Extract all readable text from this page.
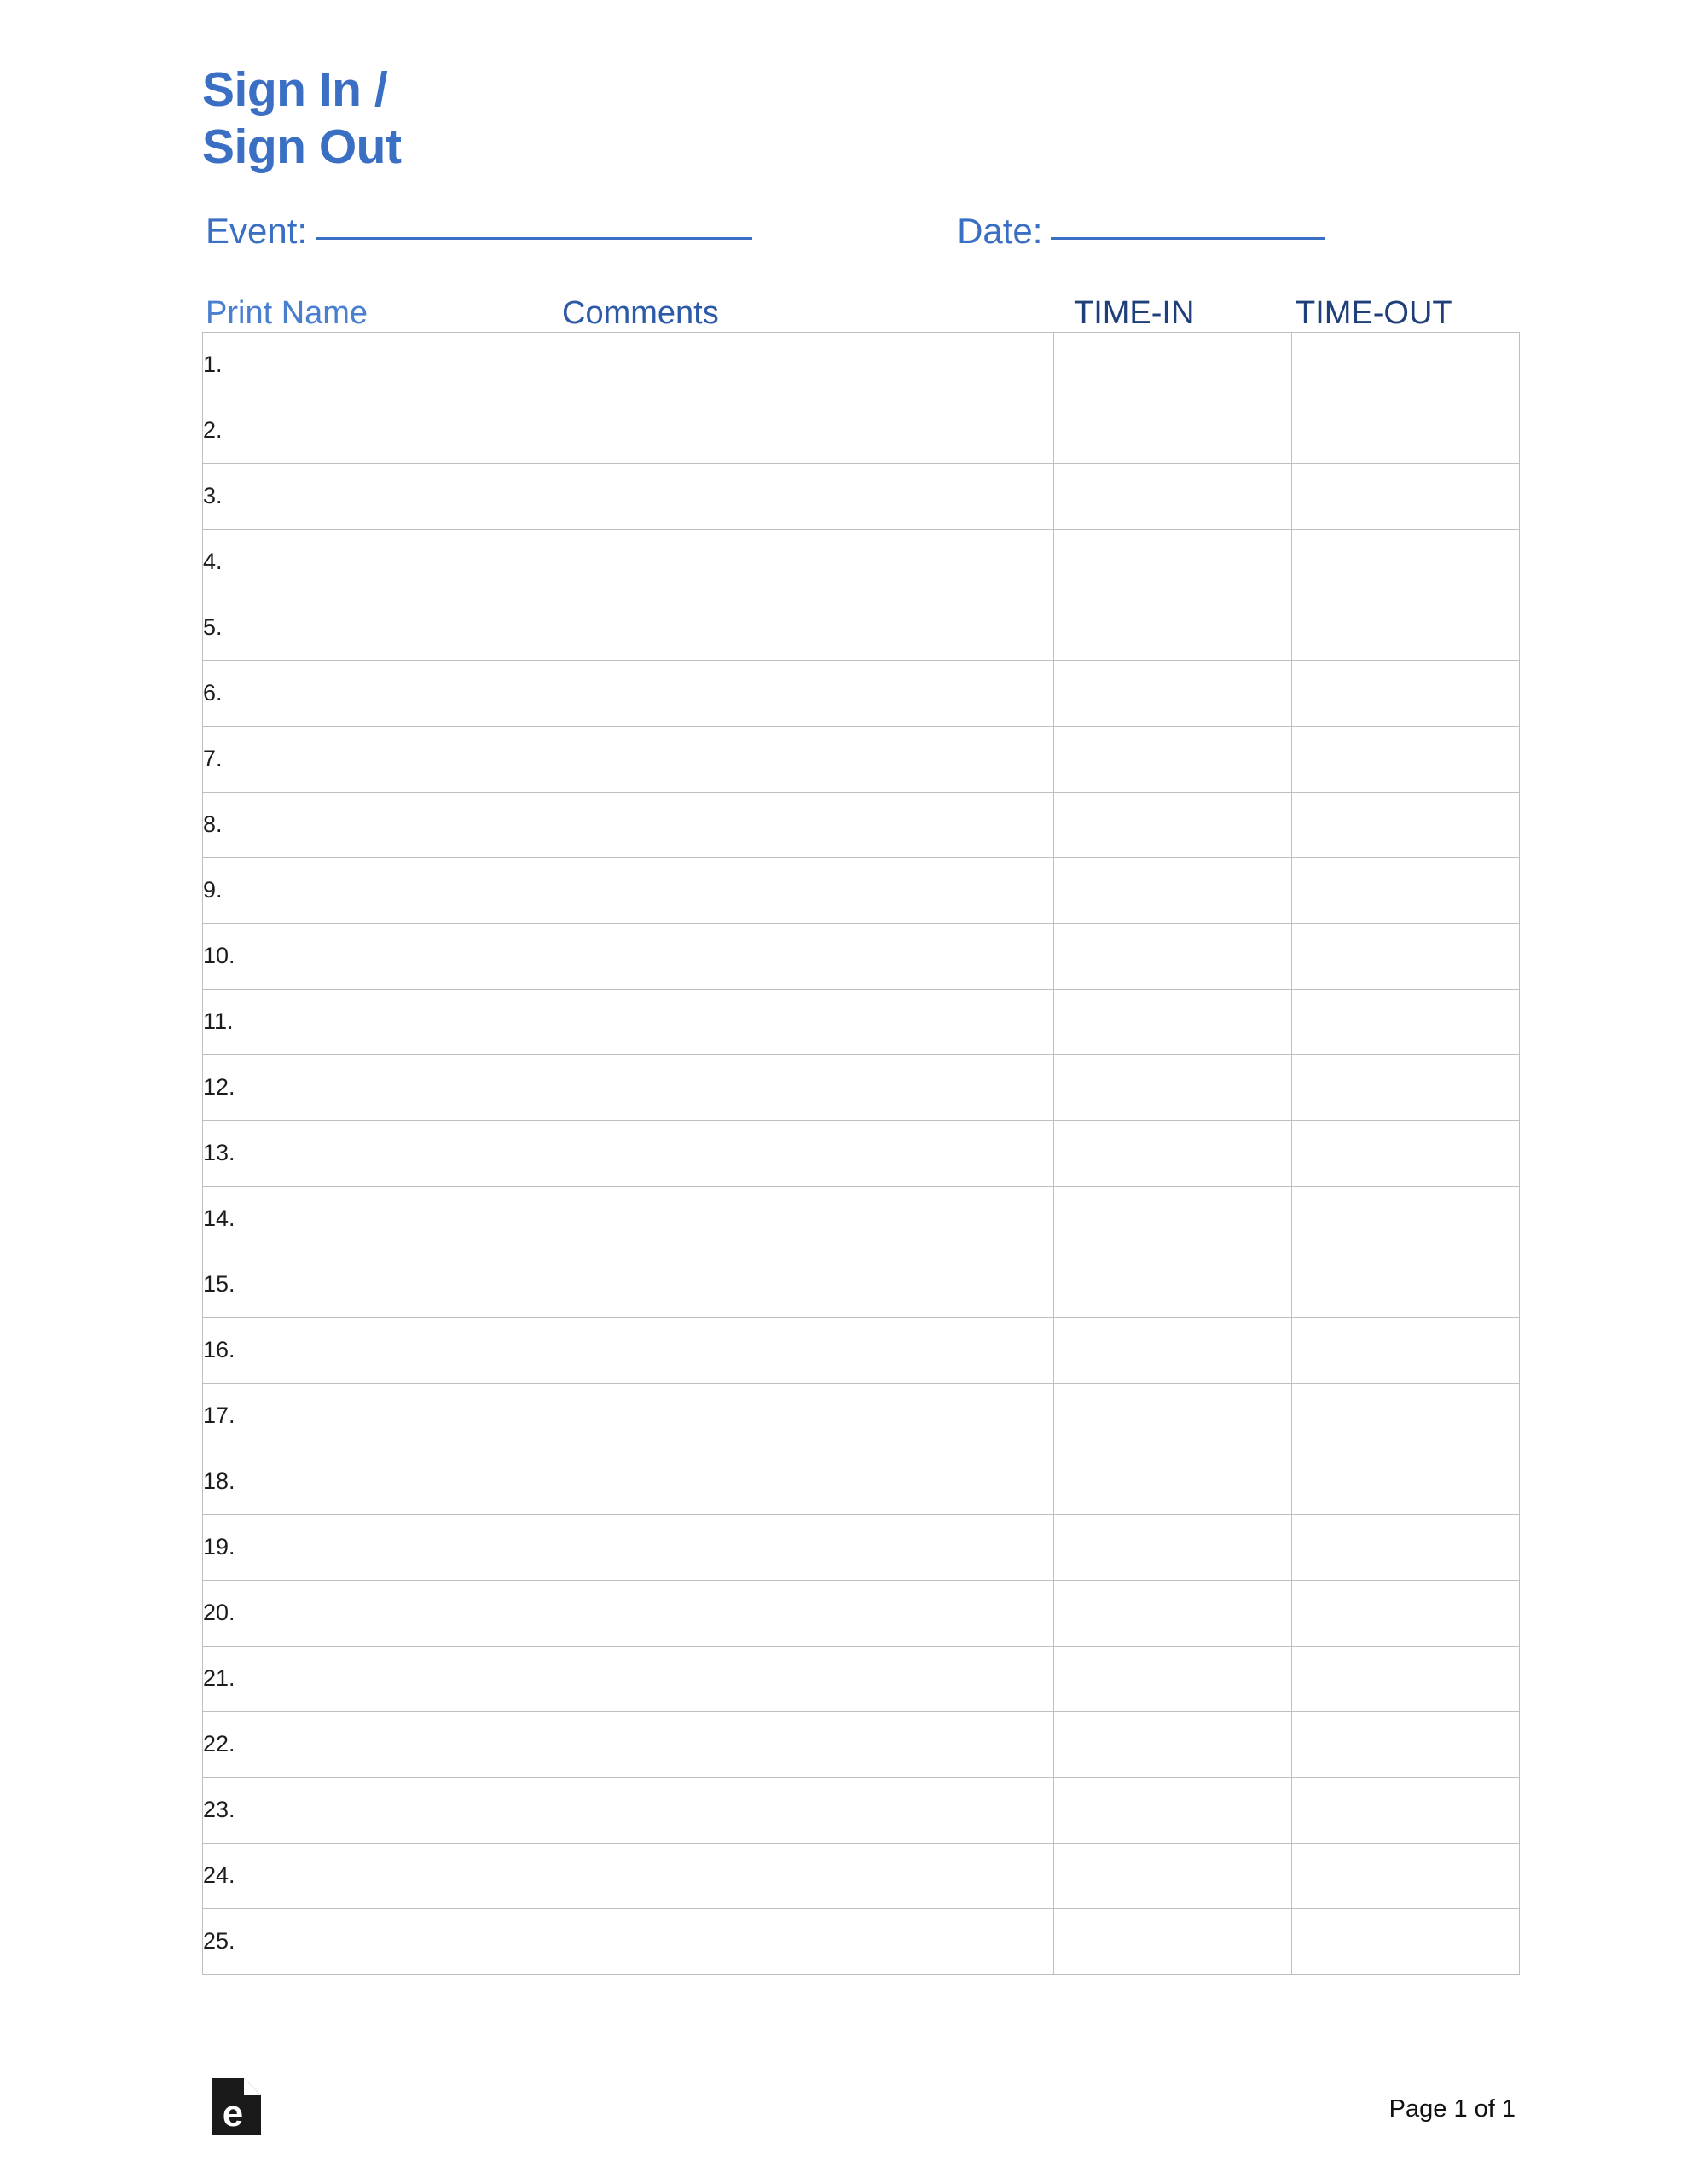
Sign In /
Sign Out
Event:	Date:
Print Name	Comments	TIME-IN	TIME-OUT
1.			
2.			
3.			
4.			
5.			
6.			
7.			
8.			
9.			
10.			
11.			
12.			
13.			
14.			
15.			
16.			
17.			
18.			
19.			
20.			
21.			
22.			
23.			
24.			
25.			
e	Page 1 of 1
